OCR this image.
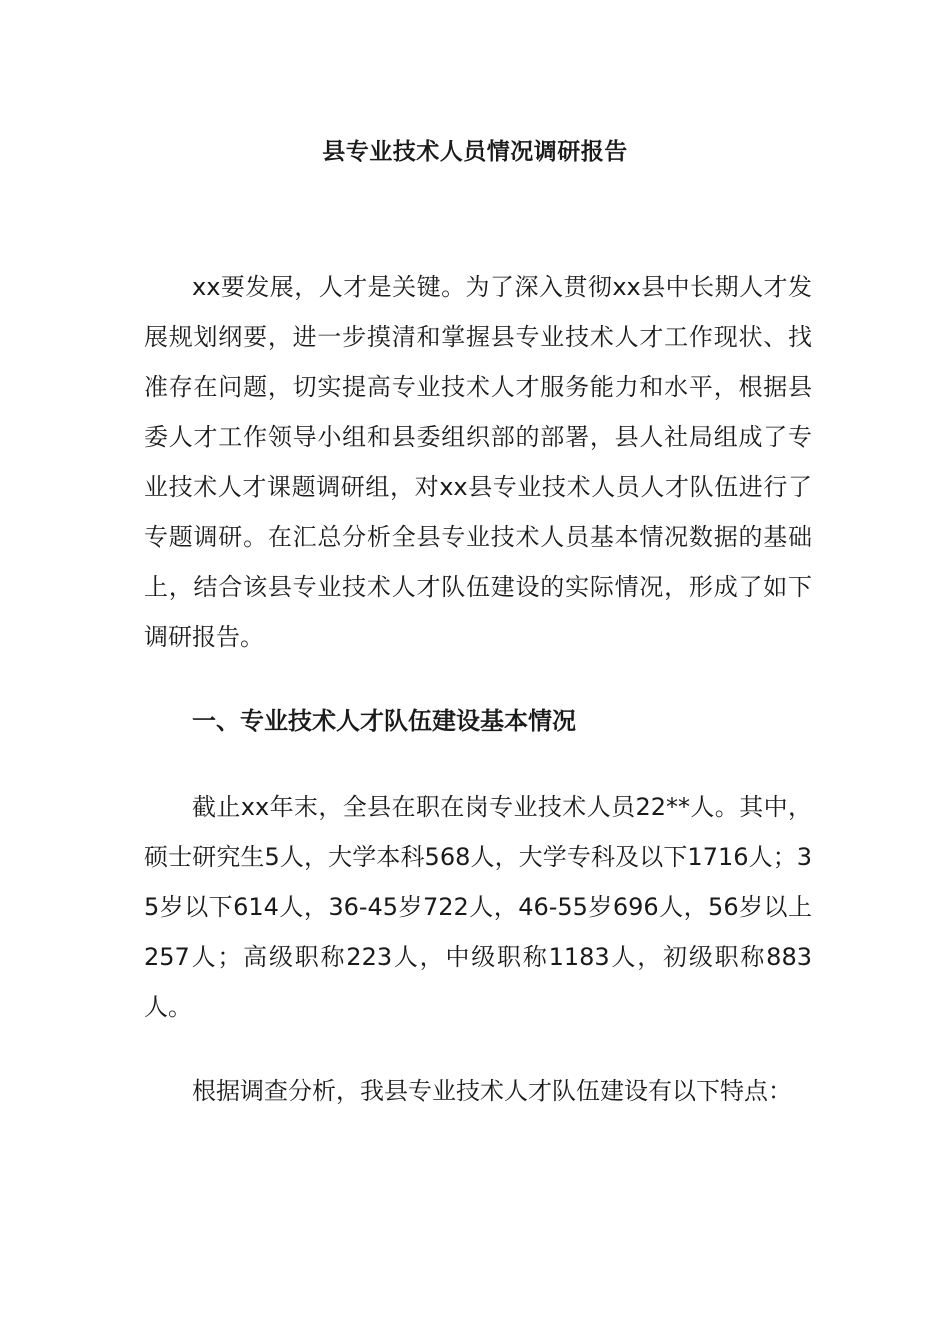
县专业技术人员情况调研报告

xx要发展，人才是关键。为了深入贯彻xx县中长期人才发展规划纲要，进一步摸清和掌握县专业技术人才工作现状、找准存在问题，切实提高专业技术人才服务能力和水平，根据县委人才工作领导小组和县委组织部的部署，县人社局组成了专业技术人才课题调研组，对xx县专业技术人员人才队伍进行了专题调研。在汇总分析全县专业技术人员基本情况数据的基础上，结合该县专业技术人才队伍建设的实际情况，形成了如下调研报告。

一、专业技术人才队伍建设基本情况

截止xx年末，全县在职在岗专业技术人员22**人。其中，硕士研究生5人，大学本科568人，大学专科及以下1716人；35岁以下614人，36-45岁722人，46-55岁696人，56岁以上257人；高级职称223人，中级职称1183人，初级职称883人。

根据调查分析，我县专业技术人才队伍建设有以下特点：
